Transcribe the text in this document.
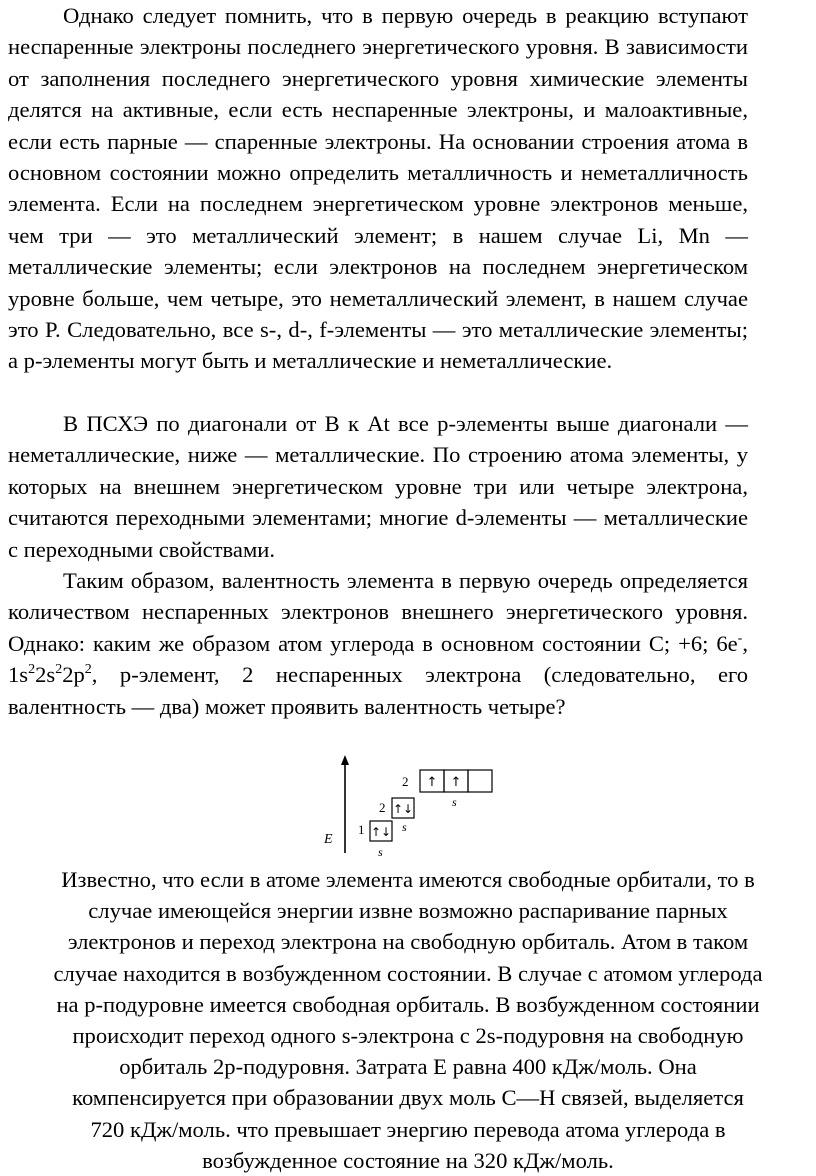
Однако следует помнить, что в первую очередь в реакцию вступают неспаренные электроны последнего энергетического уровня. В зависимости от заполнения последнего энергетического уровня химические элементы делятся на активные, если есть неспаренные электроны, и малоактивные, если есть парные — спаренные электроны. На основании строения атома в основном состоянии можно определить металличность и неметалличность элемента. Если на последнем энергетическом уровне электронов меньше, чем три — это металлический элемент; в нашем случае Li, Mn — металлические элементы; если электронов на последнем энергетическом уровне больше, чем четыре, это неметаллический элемент, в нашем случае это P. Следовательно, все s-, d-, f-элементы — это металлические элементы; а p-элементы могут быть и металлические и неметаллические.

В ПСХЭ по диагонали от B к At все p-элементы выше диагонали — неметаллические, ниже — металлические. По строению атома элементы, у которых на внешнем энергетическом уровне три или четыре электрона, считаются переходными элементами; многие d-элементы — металлические с переходными свойствами.

Таким образом, валентность элемента в первую очередь определяется количеством неспаренных электронов внешнего энергетического уровня. Однако: каким же образом атом углерода в основном состоянии C; +6; 6e-, $1s^22s^22p^2$, p-элемент, 2 неспаренных электрона (следовательно, его валентность — два) может проявить валентность четыре?

E
1 ↑↓
s
2 ↑↓
s
2 ↑ ↑
s
Известно, что если в атоме элемента имеются свободные орбитали, то в
случае имеющейся энергии извне возможно распаривание парных
электронов и переход электрона на свободную орбиталь. Атом в таком
случае находится в возбужденном состоянии. В случае с атомом углерода
на p-подуровне имеется свободная орбиталь. В возбужденном состоянии
происходит переход одного s-электрона с 2s-подуровня на свободную
орбиталь 2p-подуровня. Затрата E равна 400 кДж/моль. Она
компенсируется при образовании двух моль C—H связей, выделяется
720 кДж/моль. что превышает энергию перевода атома углерода в
возбужденное состояние на 320 кДж/моль.
